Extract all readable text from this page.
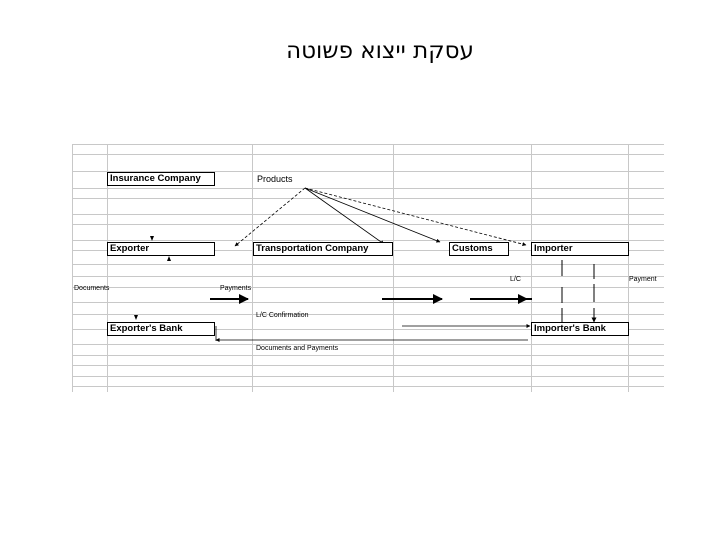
עסקת ייצוא פשוטה
Insurance Company
Exporter	Transportation Company	Customs	Importer
Exporter's Bank	Importer's Bank
Products
L/C	Payment
Documents	Payments
L/C Confirmation
Documents and Payments
